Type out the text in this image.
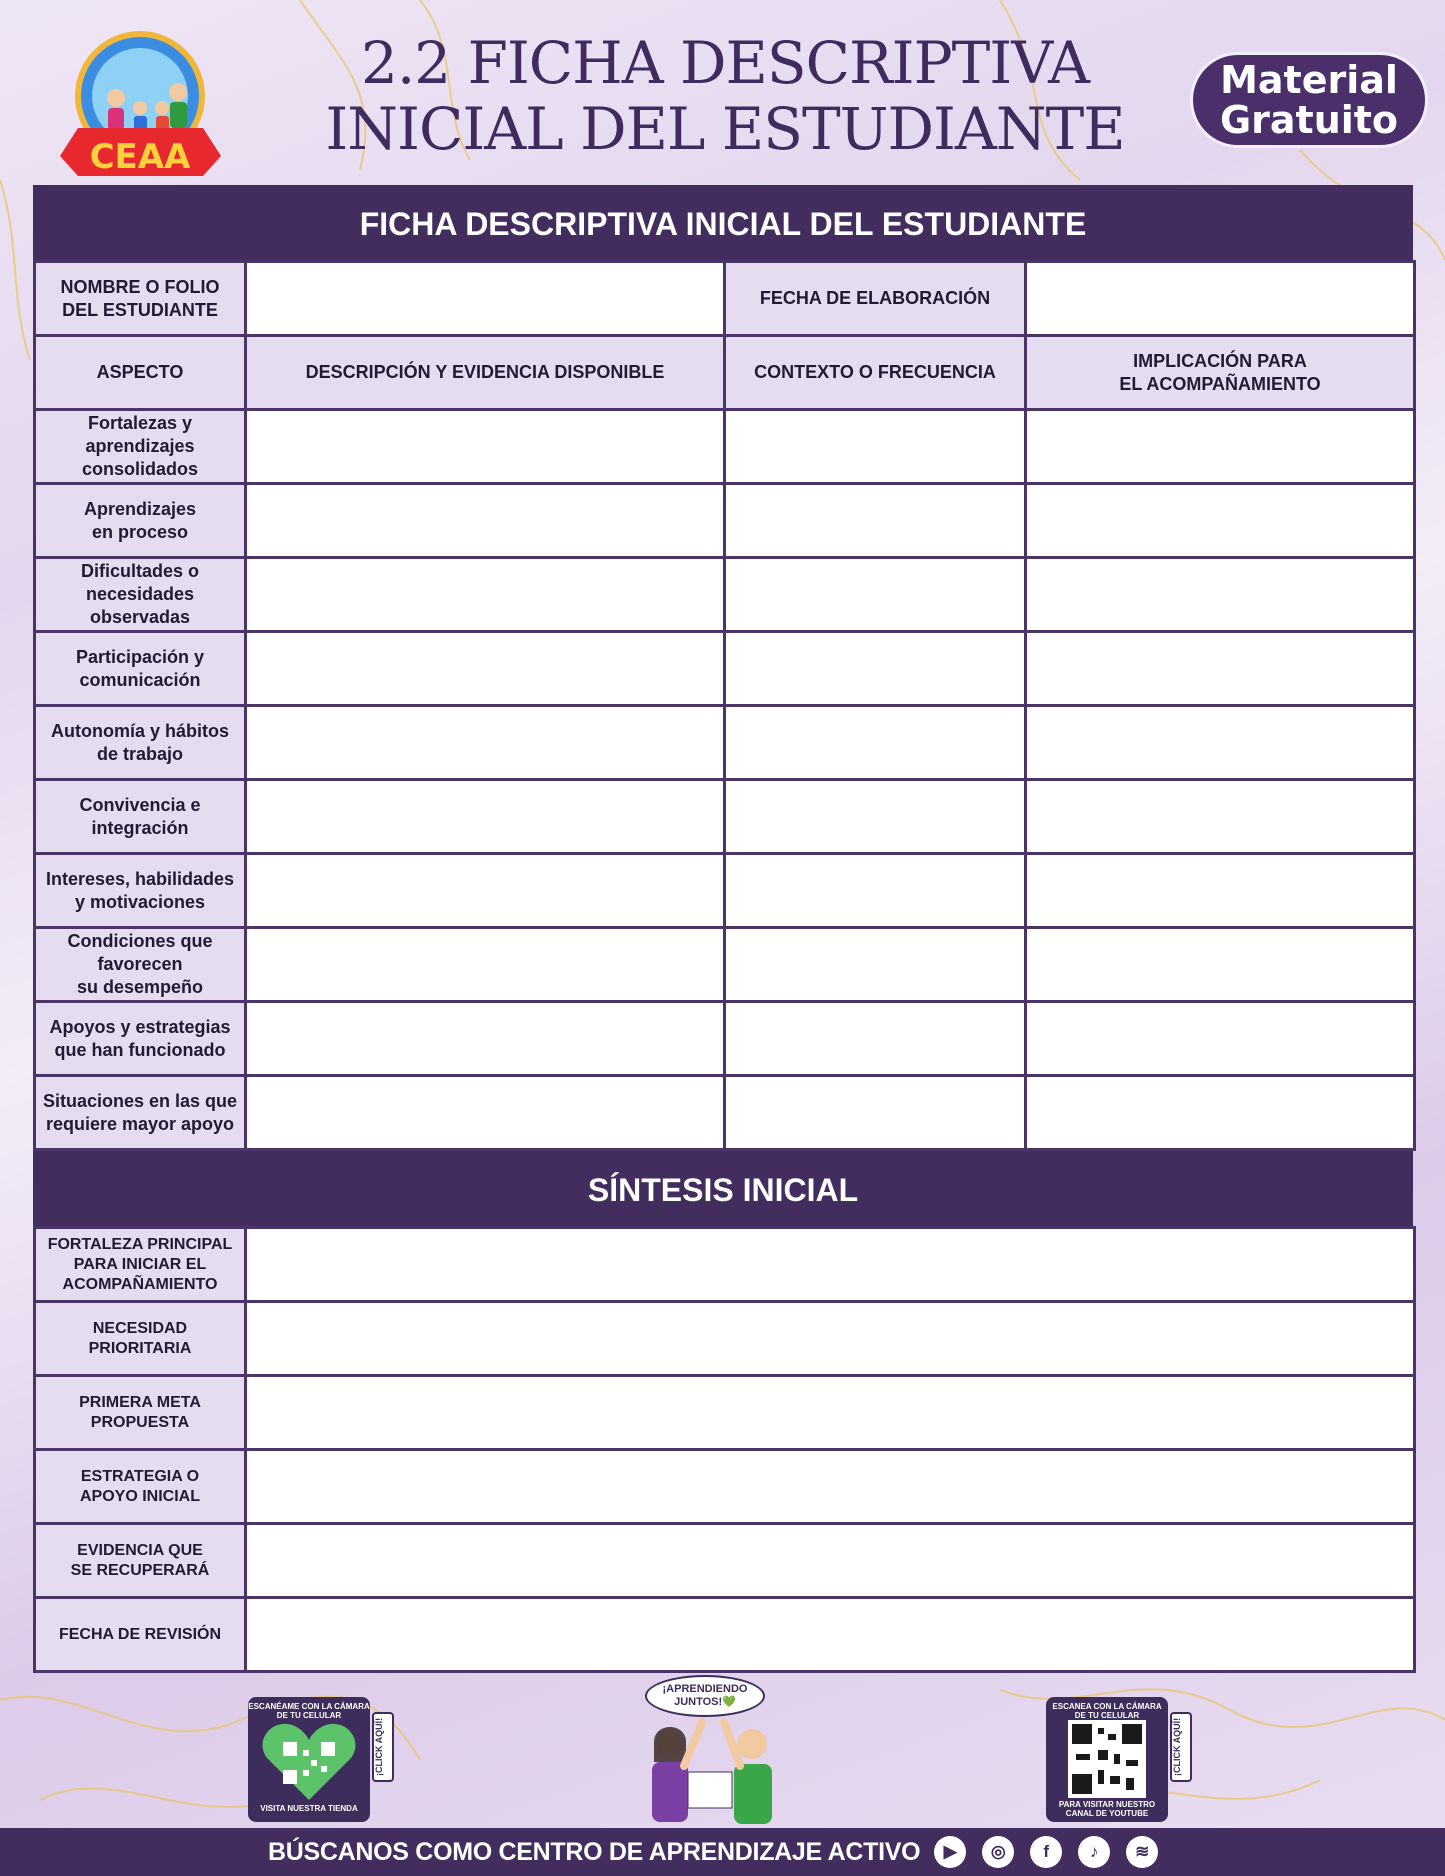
CEAA
2.2 FICHA DESCRIPTIVA
INICIAL DEL ESTUDIANTE
Material
Gratuito
FICHA DESCRIPTIVA INICIAL DEL ESTUDIANTE
NOMBRE O FOLIO
DEL ESTUDIANTE		FECHA DE ELABORACIÓN	
ASPECTO	DESCRIPCIÓN Y EVIDENCIA DISPONIBLE	CONTEXTO O FRECUENCIA	IMPLICACIÓN PARA
EL ACOMPAÑAMIENTO
Fortalezas y
aprendizajes
consolidados			
Aprendizajes
en proceso			
Dificultades o
necesidades
observadas			
Participación y
comunicación			
Autonomía y hábitos
de trabajo			
Convivencia e
integración			
Intereses, habilidades
y motivaciones			
Condiciones que
favorecen
su desempeño			
Apoyos y estrategias
que han funcionado			
Situaciones en las que
requiere mayor apoyo			
SÍNTESIS INICIAL
FORTALEZA PRINCIPAL
PARA INICIAR EL
ACOMPAÑAMIENTO	
NECESIDAD
PRIORITARIA	
PRIMERA META
PROPUESTA	
ESTRATEGIA O
APOYO INICIAL	
EVIDENCIA QUE
SE RECUPERARÁ	
FECHA DE REVISIÓN	
ESCANÉAME CON LA CÁMARA
DE TU CELULAR
VISITA NUESTRA TIENDA
¡CLICK AQUÍ!
¡APRENDIENDO
JUNTOS!💚	ESCANEA CON LA CÁMARA
DE TU CELULAR
PARA VISITAR NUESTRO
CANAL DE YOUTUBE
¡CLICK AQUÍ!
BÚSCANOS COMO CENTRO DE APRENDIZAJE ACTIVO	▶	◎	f	♪	≋
